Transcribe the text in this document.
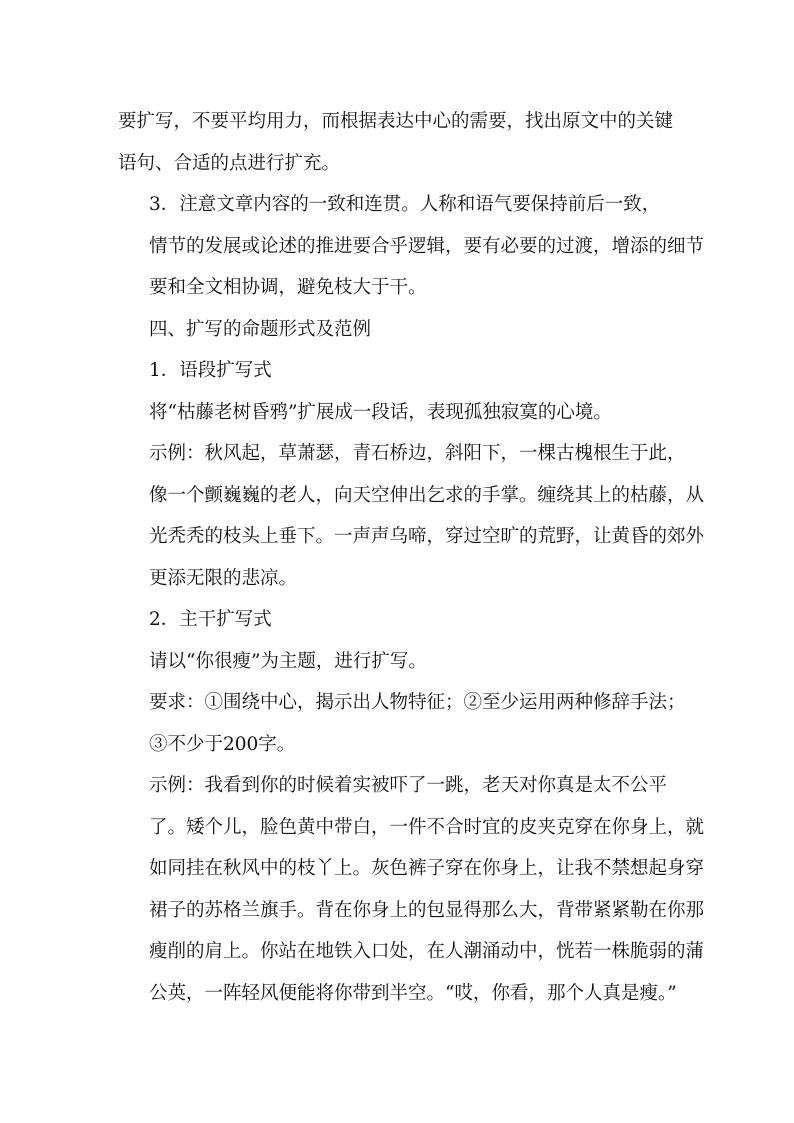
要扩写，不要平均用力，而根据表达中心的需要，找出原文中的关键
语句、合适的点进行扩充。
3．注意文章内容的一致和连贯。人称和语气要保持前后一致，
情节的发展或论述的推进要合乎逻辑，要有必要的过渡，增添的细节
要和全文相协调，避免枝大于干。
四、扩写的命题形式及范例
1．语段扩写式
将“枯藤老树昏鸦”扩展成一段话，表现孤独寂寞的心境。
示例：秋风起，草萧瑟，青石桥边，斜阳下，一棵古槐根生于此，
像一个颤巍巍的老人，向天空伸出乞求的手掌。缠绕其上的枯藤，从
光秃秃的枝头上垂下。一声声乌啼，穿过空旷的荒野，让黄昏的郊外
更添无限的悲凉。
2．主干扩写式
请以“你很瘦”为主题，进行扩写。
要求：①围绕中心，揭示出人物特征；②至少运用两种修辞手法；
③不少于200字。
示例：我看到你的时候着实被吓了一跳，老天对你真是太不公平
了。矮个儿，脸色黄中带白，一件不合时宜的皮夹克穿在你身上，就
如同挂在秋风中的枝丫上。灰色裤子穿在你身上，让我不禁想起身穿
裙子的苏格兰旗手。背在你身上的包显得那么大，背带紧紧勒在你那
瘦削的肩上。你站在地铁入口处，在人潮涌动中，恍若一株脆弱的蒲
公英，一阵轻风便能将你带到半空。“哎，你看，那个人真是瘦。”
